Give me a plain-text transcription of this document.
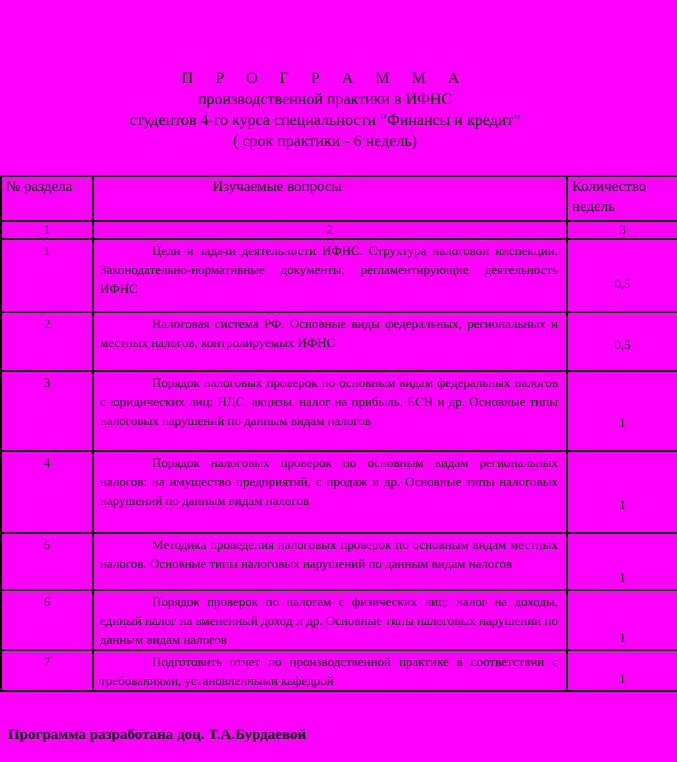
П Р О Г Р А М М А
производственной практики в ИФНС
студентов 4-го курса специальности “Финансы и кредит”
( срок практики - 6 недель)
№ раздела	Изучаемые вопросы	Количество недель
1	2	3
1	Цели и задачи деятельности ИФНС. Структура налоговой инспекции. Законодательно-нормативные документы, регламентирующие деятельность ИФНС	0,5
2	Налоговая система РФ. Основные виды федеральных, региональных и местных налогов, контролируемых ИФНС	0,5
3	Порядок налоговых проверок по основным видам федеральных налогов с юридических лиц: НДС, акцизы, налог на прибыль, ЕСН и др. Основные типы налоговых нарушений по данным видам налогов	1
4	Порядок налоговых проверок по основным видам региональных налогов: на имущество предприятий, с продаж и др. Основные типы налоговых нарушений по данным видам налогов	1
5	Методика проведения налоговых проверок по основным видам местных налогов. Основные типы налоговых нарушений по данным видам налогов	1
6	Порядок проверок по налогам с физических лиц: налог на доходы, единый налог на вмененный доход и др. Основные типы налоговых нарушений по данным видам налогов	1
7	Подготовить отчет по производственной практике в соответствии с требованиями, установленными кафедрой	1
Программа разработана доц. Т.А.Бурдаевой
